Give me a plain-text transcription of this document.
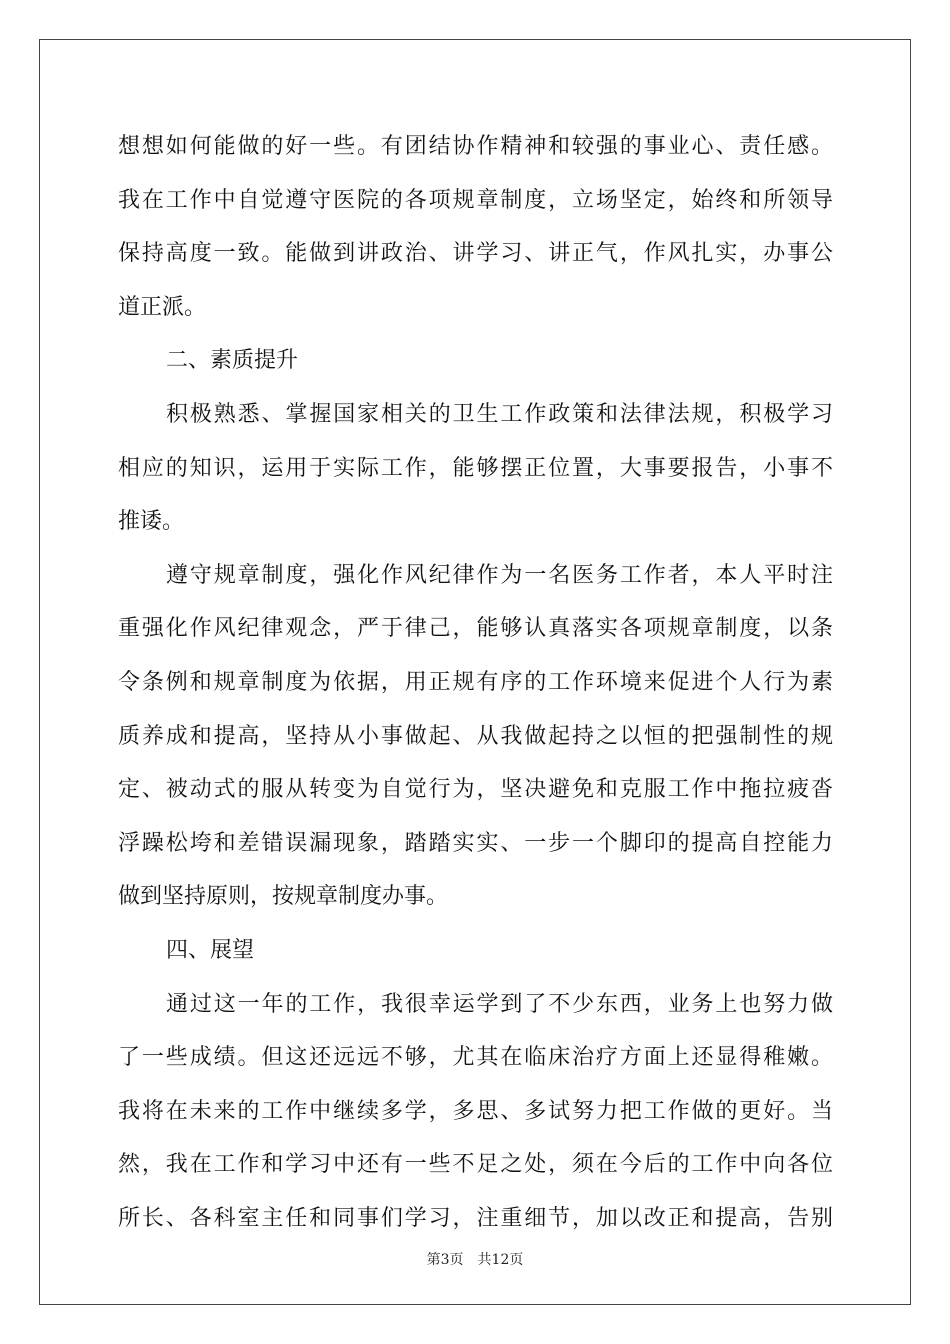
想想如何能做的好一些。有团结协作精神和较强的事业心、责任感。
我在工作中自觉遵守医院的各项规章制度，立场坚定，始终和所领导
保持高度一致。能做到讲政治、讲学习、讲正气，作风扎实，办事公
道正派。
二、素质提升
积极熟悉、掌握国家相关的卫生工作政策和法律法规，积极学习
相应的知识，运用于实际工作，能够摆正位置，大事要报告，小事不
推诿。
遵守规章制度，强化作风纪律作为一名医务工作者，本人平时注
重强化作风纪律观念，严于律己，能够认真落实各项规章制度，以条
令条例和规章制度为依据，用正规有序的工作环境来促进个人行为素
质养成和提高，坚持从小事做起、从我做起持之以恒的把强制性的规
定、被动式的服从转变为自觉行为，坚决避免和克服工作中拖拉疲沓
浮躁松垮和差错误漏现象，踏踏实实、一步一个脚印的提高自控能力
做到坚持原则，按规章制度办事。
四、展望
通过这一年的工作，我很幸运学到了不少东西，业务上也努力做
了一些成绩。但这还远远不够，尤其在临床治疗方面上还显得稚嫩。
我将在未来的工作中继续多学，多思、多试努力把工作做的更好。当
然，我在工作和学习中还有一些不足之处，须在今后的工作中向各位
所长、各科室主任和同事们学习，注重细节，加以改正和提高，告别
第3页 共12页
